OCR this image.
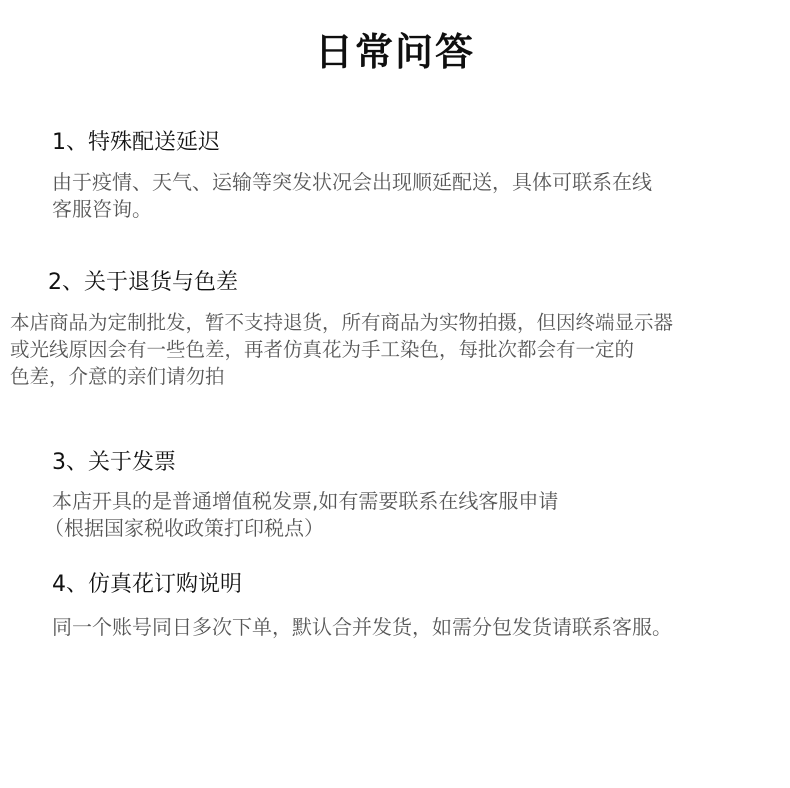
日常问答
1、特殊配送延迟
由于疫情、天气、运输等突发状况会出现顺延配送，具体可联系在线
客服咨询。
2、关于退货与色差
本店商品为定制批发，暂不支持退货，所有商品为实物拍摄，但因终端显示器
或光线原因会有一些色差，再者仿真花为手工染色，每批次都会有一定的
色差，介意的亲们请勿拍
3、关于发票
本店开具的是普通增值税发票,如有需要联系在线客服申请
（根据国家税收政策打印税点）
4、仿真花订购说明
同一个账号同日多次下单，默认合并发货，如需分包发货请联系客服。
